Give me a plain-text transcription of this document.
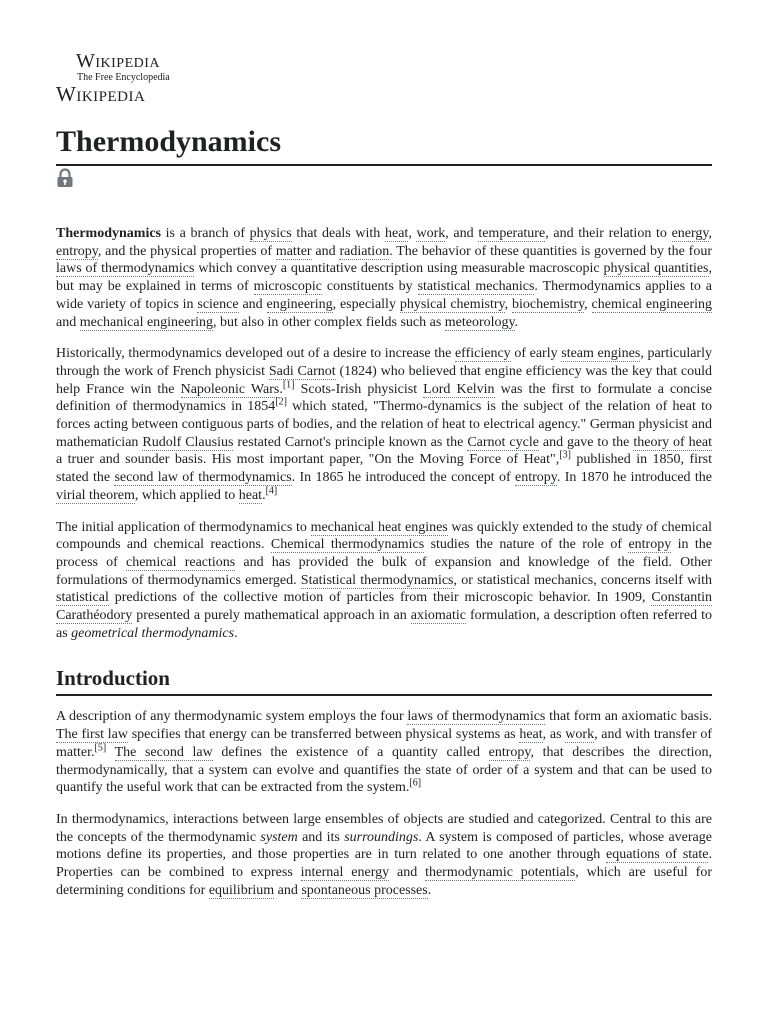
Wikipedia
The Free Encyclopedia
Wikipedia
Thermodynamics

Thermodynamics is a branch of physics that deals with heat, work, and temperature, and their relation to energy, entropy, and the physical properties of matter and radiation. The behavior of these quantities is governed by the four laws of thermodynamics which convey a quantitative description using measurable macroscopic physical quantities, but may be explained in terms of microscopic constituents by statistical mechanics. Thermodynamics applies to a wide variety of topics in science and engineering, especially physical chemistry, biochemistry, chemical engineering and mechanical engineering, but also in other complex fields such as meteorology.

Historically, thermodynamics developed out of a desire to increase the efficiency of early steam engines, particularly through the work of French physicist Sadi Carnot (1824) who believed that engine efficiency was the key that could help France win the Napoleonic Wars.[1] Scots-Irish physicist Lord Kelvin was the first to formulate a concise definition of thermodynamics in 1854[2] which stated, "Thermo-dynamics is the subject of the relation of heat to forces acting between contiguous parts of bodies, and the relation of heat to electrical agency." German physicist and mathematician Rudolf Clausius restated Carnot's principle known as the Carnot cycle and gave to the theory of heat a truer and sounder basis. His most important paper, "On the Moving Force of Heat",[3] published in 1850, first stated the second law of thermodynamics. In 1865 he introduced the concept of entropy. In 1870 he introduced the virial theorem, which applied to heat.[4]

The initial application of thermodynamics to mechanical heat engines was quickly extended to the study of chemical compounds and chemical reactions. Chemical thermodynamics studies the nature of the role of entropy in the process of chemical reactions and has provided the bulk of expansion and knowledge of the field. Other formulations of thermodynamics emerged. Statistical thermodynamics, or statistical mechanics, concerns itself with statistical predictions of the collective motion of particles from their microscopic behavior. In 1909, Constantin Carathéodory presented a purely mathematical approach in an axiomatic formulation, a description often referred to as geometrical thermodynamics.

Introduction

A description of any thermodynamic system employs the four laws of thermodynamics that form an axiomatic basis. The first law specifies that energy can be transferred between physical systems as heat, as work, and with transfer of matter.[5] The second law defines the existence of a quantity called entropy, that describes the direction, thermodynamically, that a system can evolve and quantifies the state of order of a system and that can be used to quantify the useful work that can be extracted from the system.[6]

In thermodynamics, interactions between large ensembles of objects are studied and categorized. Central to this are the concepts of the thermodynamic system and its surroundings. A system is composed of particles, whose average motions define its properties, and those properties are in turn related to one another through equations of state. Properties can be combined to express internal energy and thermodynamic potentials, which are useful for determining conditions for equilibrium and spontaneous processes.
